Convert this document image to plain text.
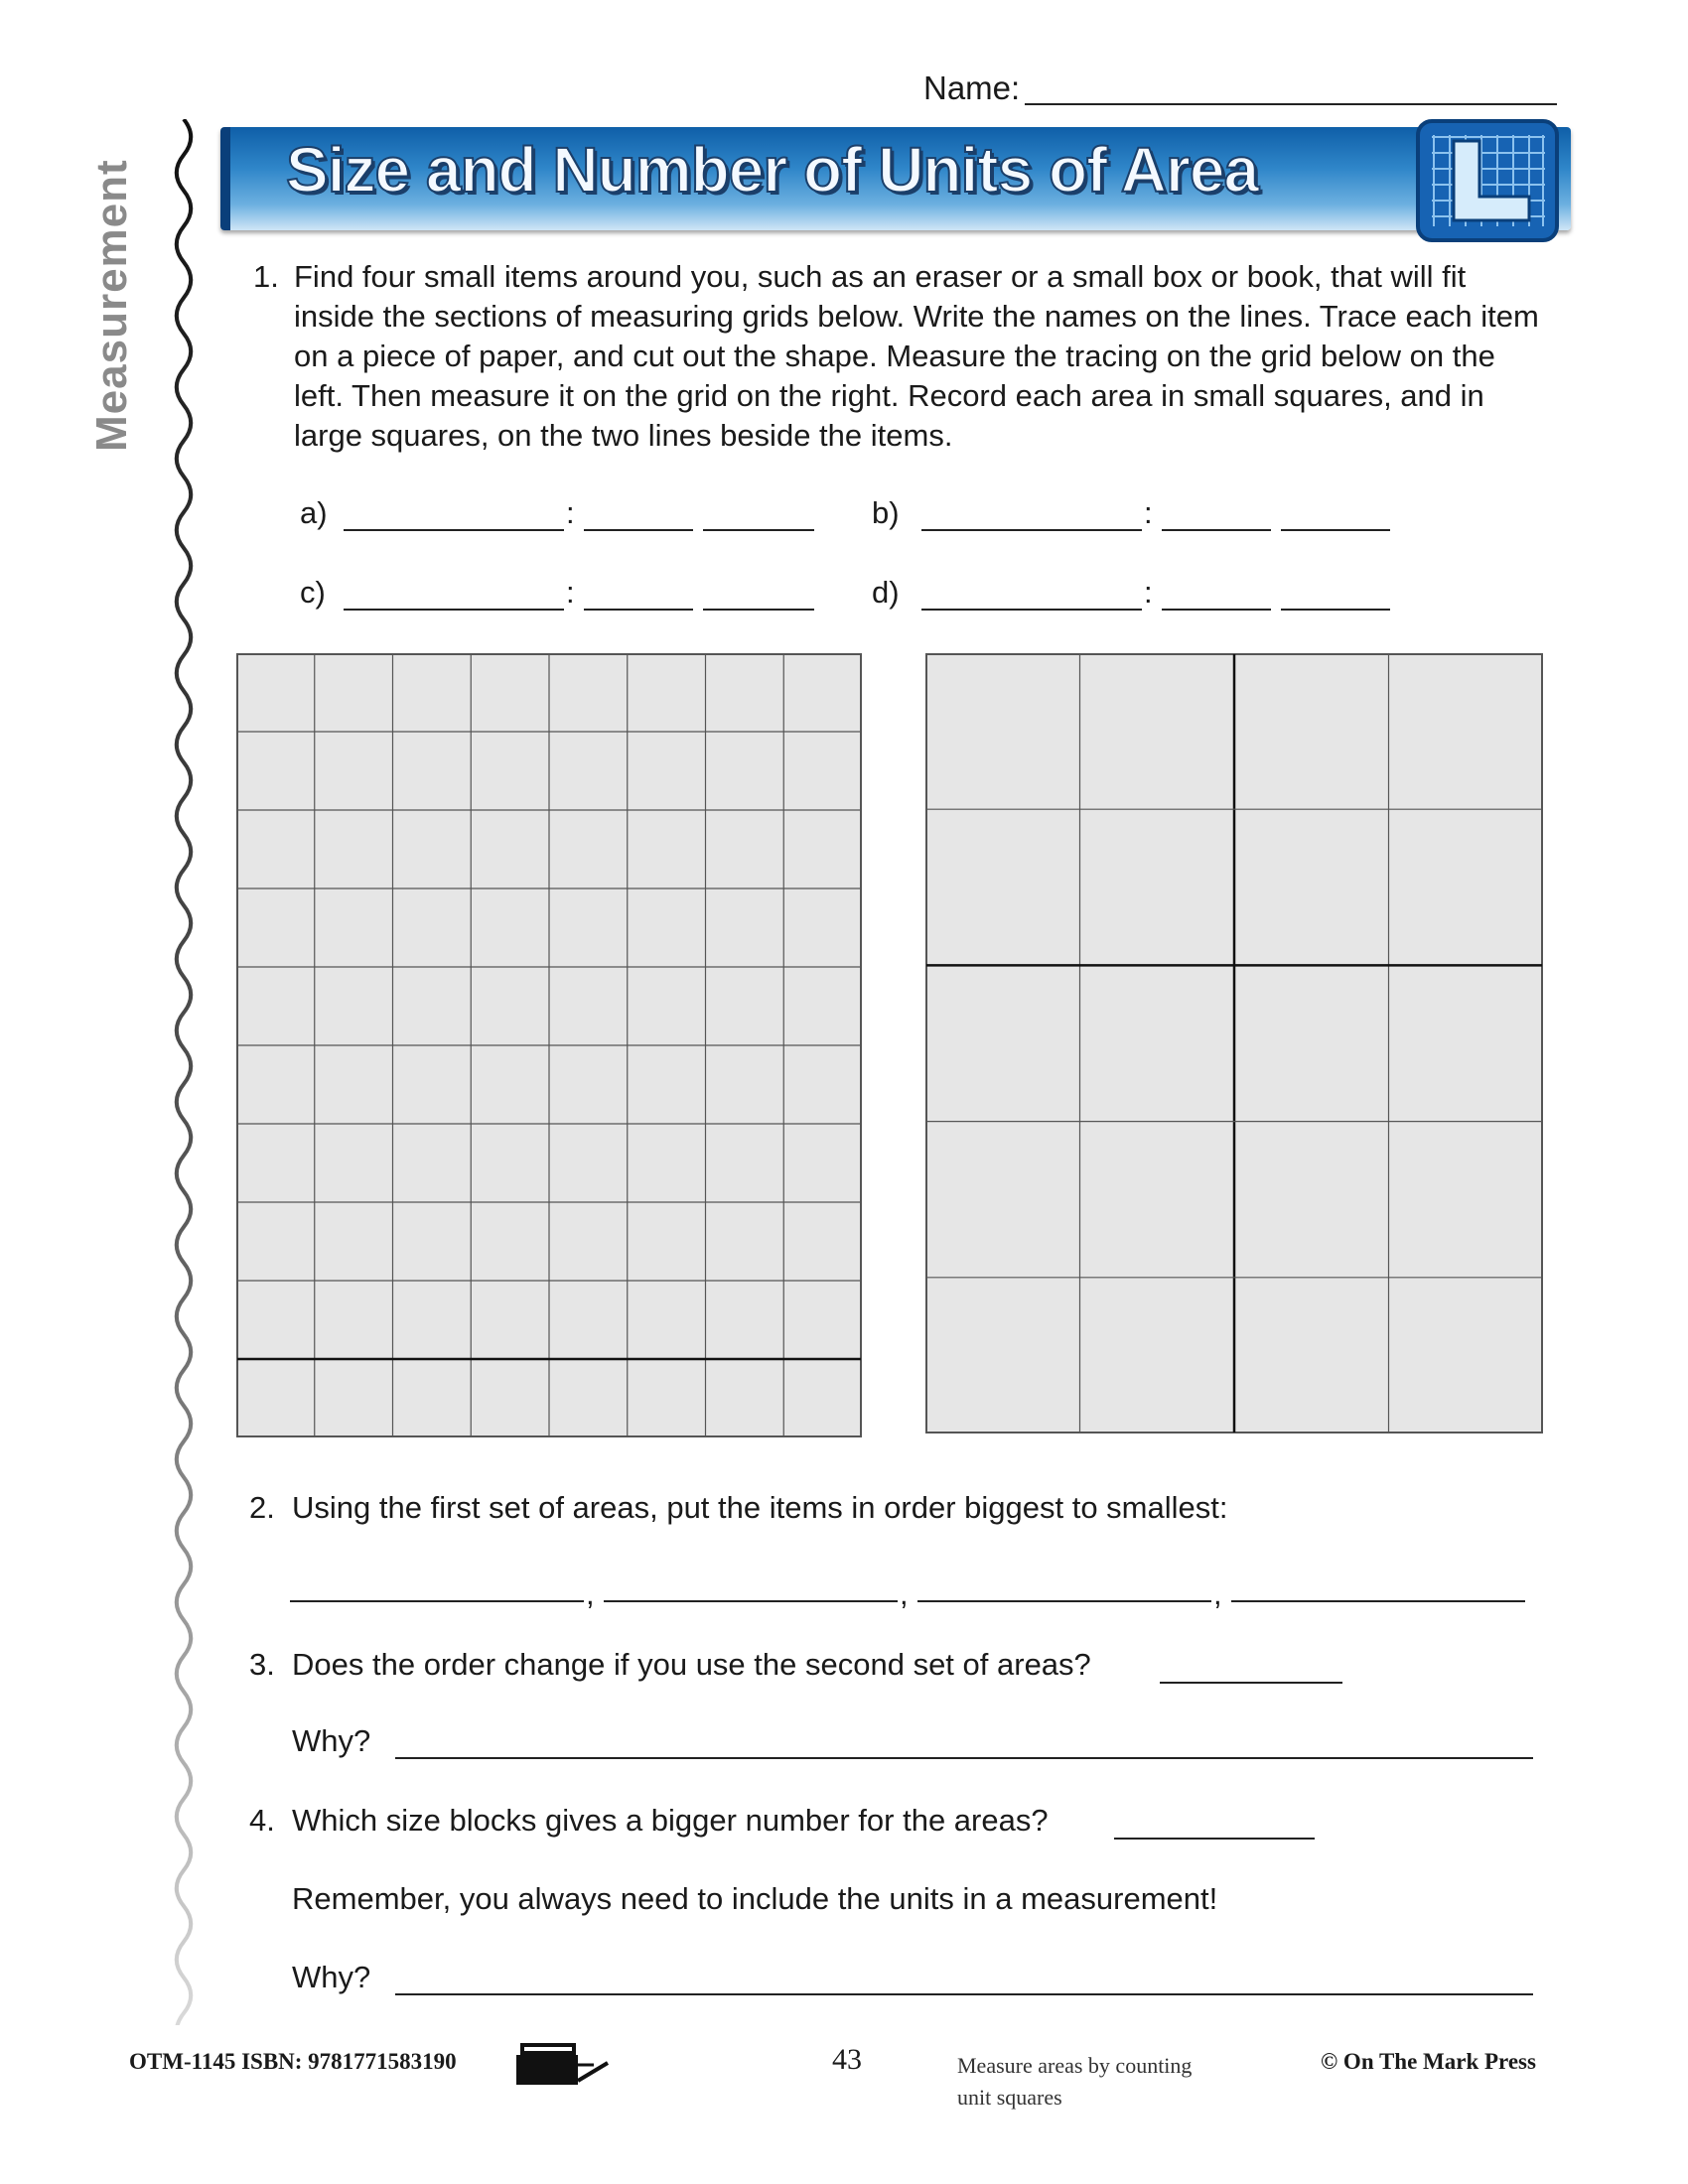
Name:
Size and Number of Units of Area
Measurement	1. Find four small items around you, such as an eraser or a small box or book, that will fit inside the sections of measuring grids below. Write the names on the lines. Trace each item on a piece of paper, and cut out the shape. Measure the tracing on the grid below on the left. Then measure it on the grid on the right. Record each area in small squares, and in large squares, on the two lines beside the items.
a)	:	b)	:
c)	:	d)	:
2. Using the first set of areas, put the items in order biggest to smallest:
,	,	,
3. Does the order change if you use the second set of areas?
Why?
4. Which size blocks gives a bigger number for the areas?
Remember, you always need to include the units in a measurement!
Why?
OTM-1145 ISBN: 9781771583190	43	Measure areas by counting
unit squares
© On The Mark Press
